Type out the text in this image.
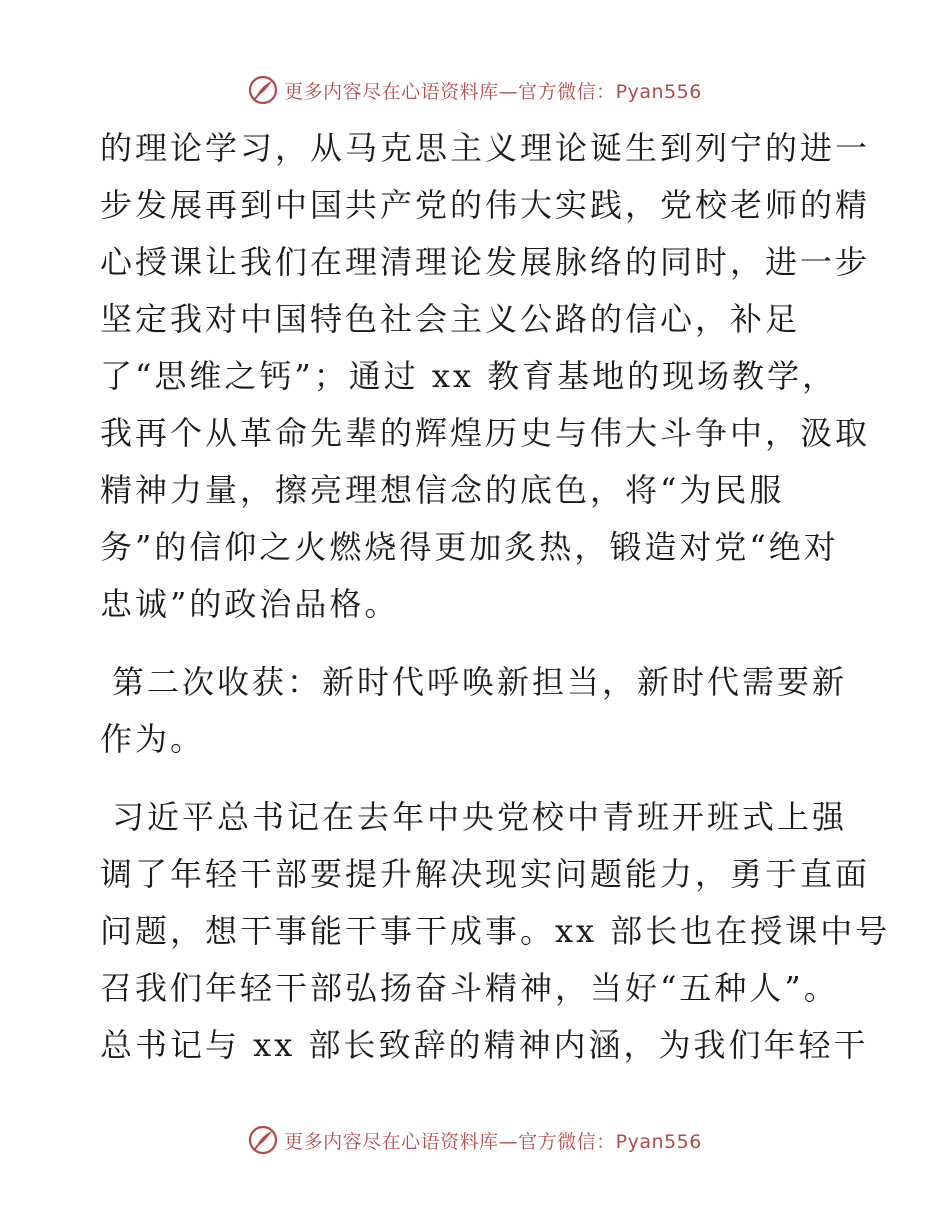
更多内容尽在心语资料库—官方微信：Pyan556
的理论学习，从马克思主义理论诞生到列宁的进一
步发展再到中国共产党的伟大实践，党校老师的精
心授课让我们在理清理论发展脉络的同时，进一步
坚定我对中国特色社会主义公路的信心，补足
了“思维之钙”；通过 xx 教育基地的现场教学，
我再个从革命先辈的辉煌历史与伟大斗争中，汲取
精神力量，擦亮理想信念的底色，将“为民服
务”的信仰之火燃烧得更加炙热，锻造对党“绝对
忠诚”的政治品格。
第二次收获：新时代呼唤新担当，新时代需要新
作为。
习近平总书记在去年中央党校中青班开班式上强
调了年轻干部要提升解决现实问题能力，勇于直面
问题，想干事能干事干成事。xx 部长也在授课中号
召我们年轻干部弘扬奋斗精神，当好“五种人”。
总书记与 xx 部长致辞的精神内涵，为我们年轻干
更多内容尽在心语资料库—官方微信：Pyan556
